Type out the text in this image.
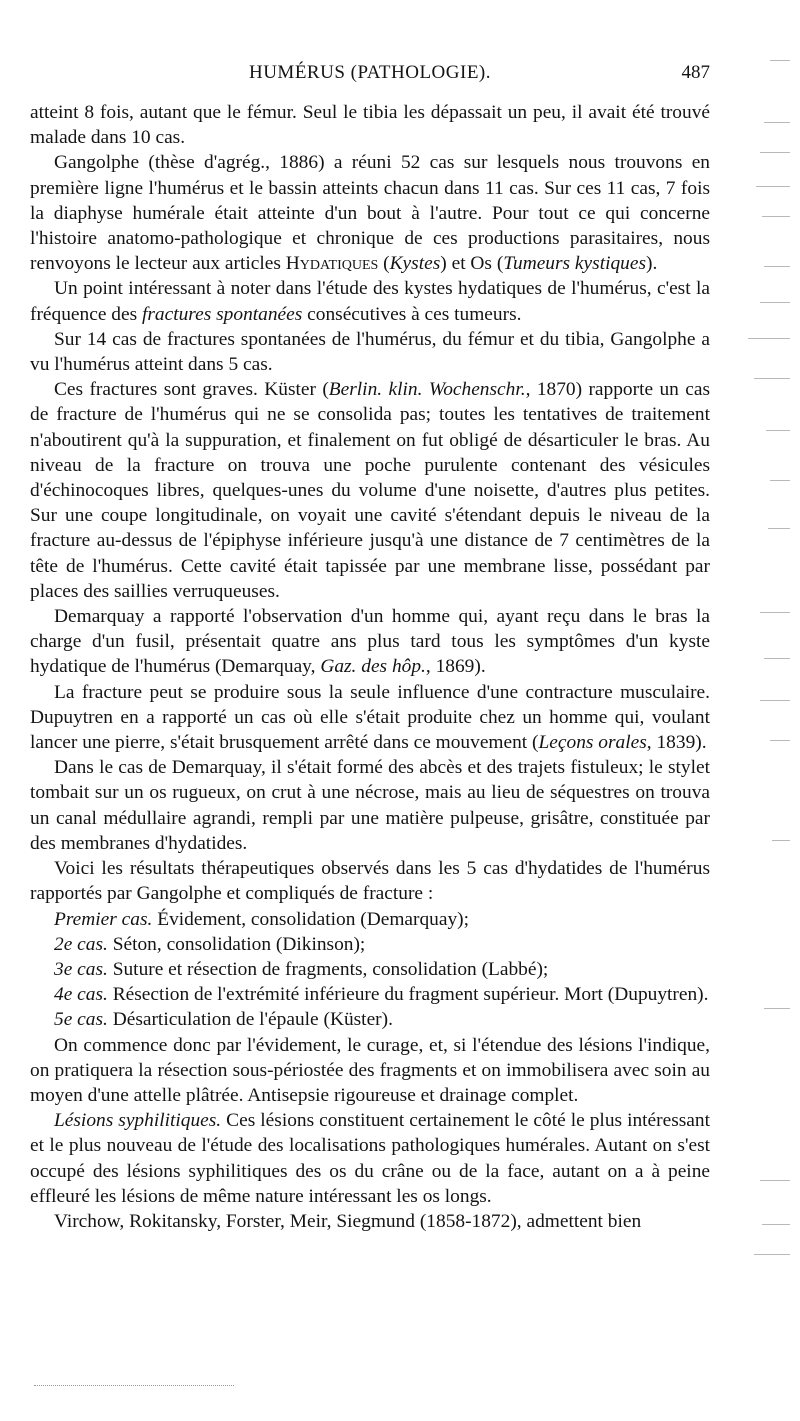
HUMÉRUS (PATHOLOGIE).	487

atteint 8 fois, autant que le fémur. Seul le tibia les dépassait un peu, il avait été trouvé malade dans 10 cas.

Gangolphe (thèse d'agrég., 1886) a réuni 52 cas sur lesquels nous trouvons en première ligne l'humérus et le bassin atteints chacun dans 11 cas. Sur ces 11 cas, 7 fois la diaphyse humérale était atteinte d'un bout à l'autre. Pour tout ce qui concerne l'histoire anatomo-pathologique et chronique de ces productions parasitaires, nous renvoyons le lecteur aux articles Hydatiques (Kystes) et Os (Tumeurs kystiques).

Un point intéressant à noter dans l'étude des kystes hydatiques de l'humérus, c'est la fréquence des fractures spontanées consécutives à ces tumeurs.

Sur 14 cas de fractures spontanées de l'humérus, du fémur et du tibia, Gangolphe a vu l'humérus atteint dans 5 cas.

Ces fractures sont graves. Küster (Berlin. klin. Wochenschr., 1870) rapporte un cas de fracture de l'humérus qui ne se consolida pas; toutes les tentatives de traitement n'aboutirent qu'à la suppuration, et finalement on fut obligé de désarticuler le bras. Au niveau de la fracture on trouva une poche purulente contenant des vésicules d'échinocoques libres, quelques-unes du volume d'une noisette, d'autres plus petites. Sur une coupe longitudinale, on voyait une cavité s'étendant depuis le niveau de la fracture au-dessus de l'épiphyse inférieure jusqu'à une distance de 7 centimètres de la tête de l'humérus. Cette cavité était tapissée par une membrane lisse, possédant par places des saillies verruqueuses.

Demarquay a rapporté l'observation d'un homme qui, ayant reçu dans le bras la charge d'un fusil, présentait quatre ans plus tard tous les symptômes d'un kyste hydatique de l'humérus (Demarquay, Gaz. des hôp., 1869).

La fracture peut se produire sous la seule influence d'une contracture musculaire. Dupuytren en a rapporté un cas où elle s'était produite chez un homme qui, voulant lancer une pierre, s'était brusquement arrêté dans ce mouvement (Leçons orales, 1839).

Dans le cas de Demarquay, il s'était formé des abcès et des trajets fistuleux; le stylet tombait sur un os rugueux, on crut à une nécrose, mais au lieu de séquestres on trouva un canal médullaire agrandi, rempli par une matière pulpeuse, grisâtre, constituée par des membranes d'hydatides.

Voici les résultats thérapeutiques observés dans les 5 cas d'hydatides de l'humérus rapportés par Gangolphe et compliqués de fracture :

Premier cas. Évidement, consolidation (Demarquay);

2e cas. Séton, consolidation (Dikinson);

3e cas. Suture et résection de fragments, consolidation (Labbé);

4e cas. Résection de l'extrémité inférieure du fragment supérieur. Mort (Dupuytren).

5e cas. Désarticulation de l'épaule (Küster).

On commence donc par l'évidement, le curage, et, si l'étendue des lésions l'indique, on pratiquera la résection sous-périostée des fragments et on immobilisera avec soin au moyen d'une attelle plâtrée. Antisepsie rigoureuse et drainage complet.

Lésions syphilitiques. Ces lésions constituent certainement le côté le plus intéressant et le plus nouveau de l'étude des localisations pathologiques humérales. Autant on s'est occupé des lésions syphilitiques des os du crâne ou de la face, autant on a à peine effleuré les lésions de même nature intéressant les os longs.

Virchow, Rokitansky, Forster, Meir, Siegmund (1858-1872), admettent bien
